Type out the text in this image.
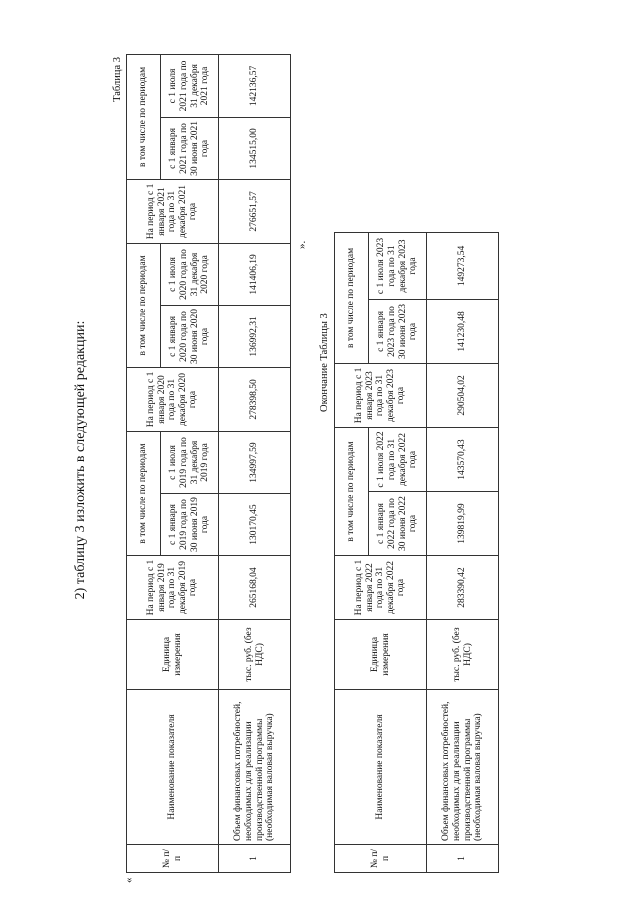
2) таблицу 3 изложить в следующей редакции:
Таблица 3
«
№ п/п	Наименование показателя	Единица измерения	На период с 1 января 2019 года по 31 декабря 2019 года	в том числе по периодам		На период с 1 января 2020 года по 31 декабря 2020 года	в том числе по периодам		На период с 1 января 2021 года по 31 декабря 2021 года	в том числе по периодам	
				с 1 января 2019 года по 30 июня 2019 года	с 1 июля 2019 года по 31 декабря 2019 года		с 1 января 2020 года по 30 июня 2020 года	с 1 июля 2020 года по 31 декабря 2020 года		с 1 января 2021 года по 30 июня 2021 года	с 1 июля 2021 года по 31 декабря 2021 года
1	Объем финансовых потребностей, необходимых для реализации производственной программы (необходимая валовая выручка)	тыс. руб. (без НДС)	265168,04	130170,45	134997,59	278398,50	136992,31	141406,19	276651,57	134515,00	142136,57
».
Окончание Таблицы 3
№ п/п	Наименование показателя	Единица измерения	На период с 1 января 2022 года по 31 декабря 2022 года	в том числе по периодам		На период с 1 января 2023 года по 31 декабря 2023 года	в том числе по периодам	
				с 1 января 2022 года по 30 июня 2022 года	с 1 июля 2022 года по 31 декабря 2022 года		с 1 января 2023 года по 30 июня 2023 года	с 1 июля 2023 года по 31 декабря 2023 года
1	Объем финансовых потребностей, необходимых для реализации производственной программы (необходимая валовая выручка)	тыс. руб. (без НДС)	283390,42	139819,99	143570,43	290504,02	141230,48	149273,54
